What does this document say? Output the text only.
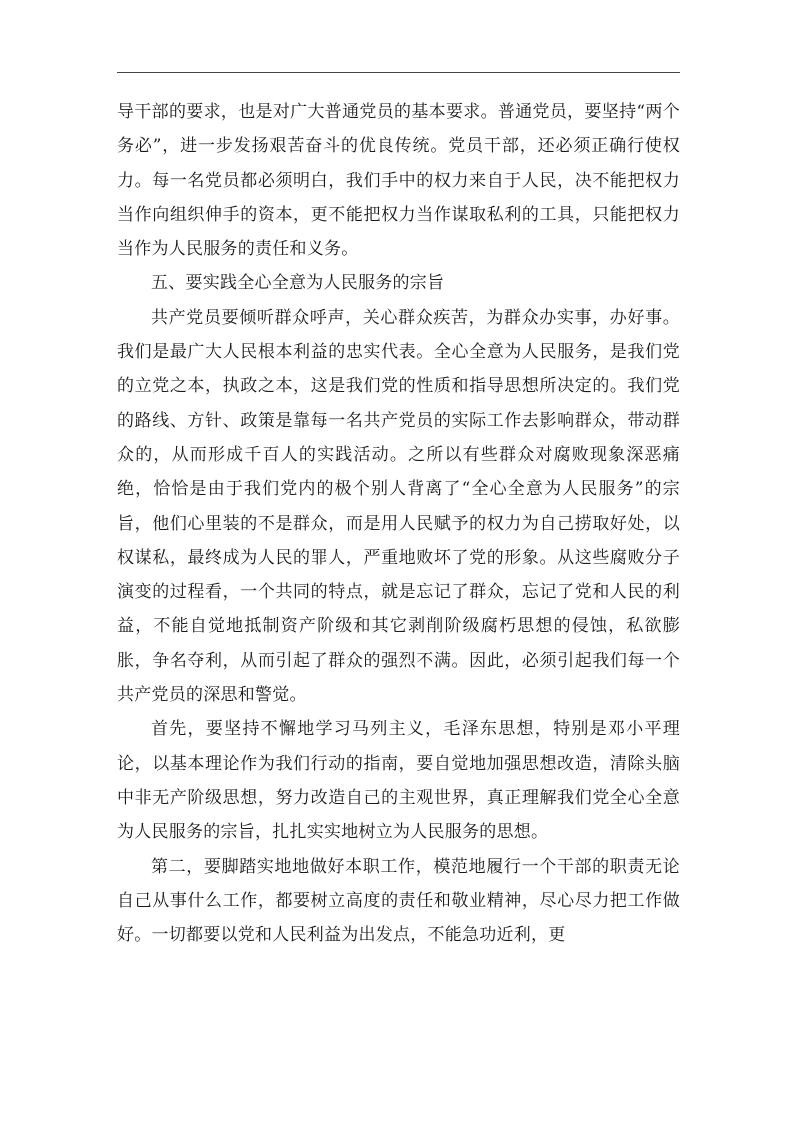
导干部的要求，也是对广大普通党员的基本要求。普通党员，要坚持“两个务必”，进一步发扬艰苦奋斗的优良传统。党员干部，还必须正确行使权力。每一名党员都必须明白，我们手中的权力来自于人民，决不能把权力当作向组织伸手的资本，更不能把权力当作谋取私利的工具，只能把权力当作为人民服务的责任和义务。

五、要实践全心全意为人民服务的宗旨

共产党员要倾听群众呼声，关心群众疾苦，为群众办实事，办好事。我们是最广大人民根本利益的忠实代表。全心全意为人民服务，是我们党的立党之本，执政之本，这是我们党的性质和指导思想所决定的。我们党的路线、方针、政策是靠每一名共产党员的实际工作去影响群众，带动群众的，从而形成千百人的实践活动。之所以有些群众对腐败现象深恶痛绝，恰恰是由于我们党内的极个别人背离了“全心全意为人民服务”的宗旨，他们心里装的不是群众，而是用人民赋予的权力为自己捞取好处，以权谋私，最终成为人民的罪人，严重地败坏了党的形象。从这些腐败分子演变的过程看，一个共同的特点，就是忘记了群众，忘记了党和人民的利益，不能自觉地抵制资产阶级和其它剥削阶级腐朽思想的侵蚀，私欲膨胀，争名夺利，从而引起了群众的强烈不满。因此，必须引起我们每一个共产党员的深思和警觉。

首先，要坚持不懈地学习马列主义，毛泽东思想，特别是邓小平理论，以基本理论作为我们行动的指南，要自觉地加强思想改造，清除头脑中非无产阶级思想，努力改造自己的主观世界，真正理解我们党全心全意为人民服务的宗旨，扎扎实实地树立为人民服务的思想。

第二，要脚踏实地地做好本职工作，模范地履行一个干部的职责无论自己从事什么工作，都要树立高度的责任和敬业精神，尽心尽力把工作做好。一切都要以党和人民利益为出发点，不能急功近利，更
